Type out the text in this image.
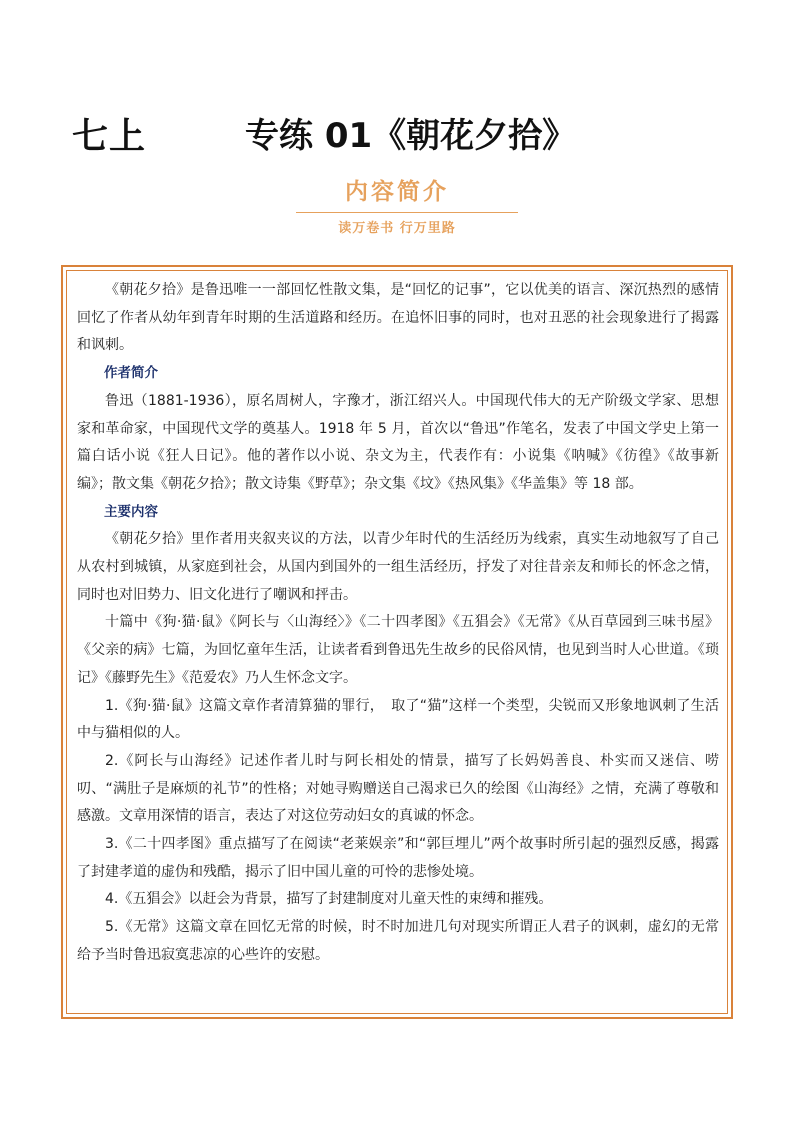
七上	专练 01《朝花夕拾》
内容简介
读万卷书 行万里路

《朝花夕拾》是鲁迅唯一一部回忆性散文集，是“回忆的记事”，它以优美的语言、深沉热烈的感情回忆了作者从幼年到青年时期的生活道路和经历。在追怀旧事的同时，也对丑恶的社会现象进行了揭露和讽刺。

作者简介

鲁迅（1881-1936），原名周树人，字豫才，浙江绍兴人。中国现代伟大的无产阶级文学家、思想家和革命家，中国现代文学的奠基人。1918 年 5 月，首次以“鲁迅”作笔名，发表了中国文学史上第一篇白话小说《狂人日记》。他的著作以小说、杂文为主，代表作有：小说集《呐喊》《彷徨》《故事新编》；散文集《朝花夕拾》；散文诗集《野草》；杂文集《坟》《热风集》《华盖集》等 18 部。

主要内容

《朝花夕拾》里作者用夹叙夹议的方法，以青少年时代的生活经历为线索，真实生动地叙写了自己从农村到城镇，从家庭到社会，从国内到国外的一组生活经历，抒发了对往昔亲友和师长的怀念之情，同时也对旧势力、旧文化进行了嘲讽和抨击。

十篇中《狗·猫·鼠》《阿长与〈山海经〉》《二十四孝图》《五猖会》《无常》《从百草园到三味书屋》《父亲的病》七篇，为回忆童年生活，让读者看到鲁迅先生故乡的民俗风情，也见到当时人心世道。《琐记》《藤野先生》《范爱农》乃人生怀念文字。

1.《狗·猫·鼠》这篇文章作者清算猫的罪行，　取了“猫”这样一个类型，尖锐而又形象地讽刺了生活中与猫相似的人。

2.《阿长与山海经》记述作者儿时与阿长相处的情景，描写了长妈妈善良、朴实而又迷信、唠叨、“满肚子是麻烦的礼节”的性格；对她寻购赠送自己渴求已久的绘图《山海经》之情，充满了尊敬和感激。文章用深情的语言，表达了对这位劳动妇女的真诚的怀念。

3.《二十四孝图》重点描写了在阅读“老莱娱亲”和“郭巨埋儿”两个故事时所引起的强烈反感，揭露了封建孝道的虚伪和残酷，揭示了旧中国儿童的可怜的悲惨处境。

4.《五猖会》以赶会为背景，描写了封建制度对儿童天性的束缚和摧残。

5.《无常》这篇文章在回忆无常的时候，时不时加进几句对现实所谓正人君子的讽刺，虚幻的无常给予当时鲁迅寂寞悲凉的心些许的安慰。
